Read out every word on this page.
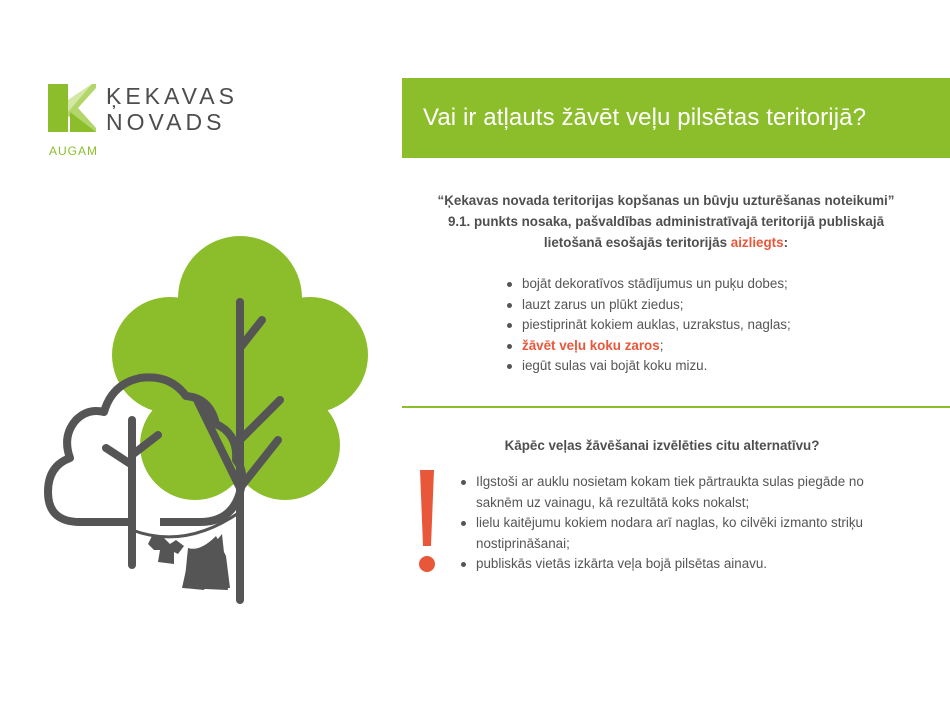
ĶEKAVAS
NOVADS
AUGAM
Vai ir atļauts žāvēt veļu pilsētas teritorijā?
“Ķekavas novada teritorijas kopšanas un būvju uzturēšanas noteikumi” 9.1. punkts nosaka, pašvaldības administratīvajā teritorijā publiskajā lietošanā esošajās teritorijās aizliegts:
bojāt dekoratīvos stādījumus un puķu dobes;
lauzt zarus un plūkt ziedus;
piestiprināt kokiem auklas, uzrakstus, naglas;
žāvēt veļu koku zaros;
iegūt sulas vai bojāt koku mizu.
Kāpēc veļas žāvēšanai izvēlēties citu alternatīvu?
Ilgstoši ar auklu nosietam kokam tiek pārtraukta sulas piegāde no saknēm uz vainagu, kā rezultātā koks nokalst;
lielu kaitējumu kokiem nodara arī naglas, ko cilvēki izmanto striķu nostiprināšanai;
publiskās vietās izkārta veļa bojā pilsētas ainavu.
